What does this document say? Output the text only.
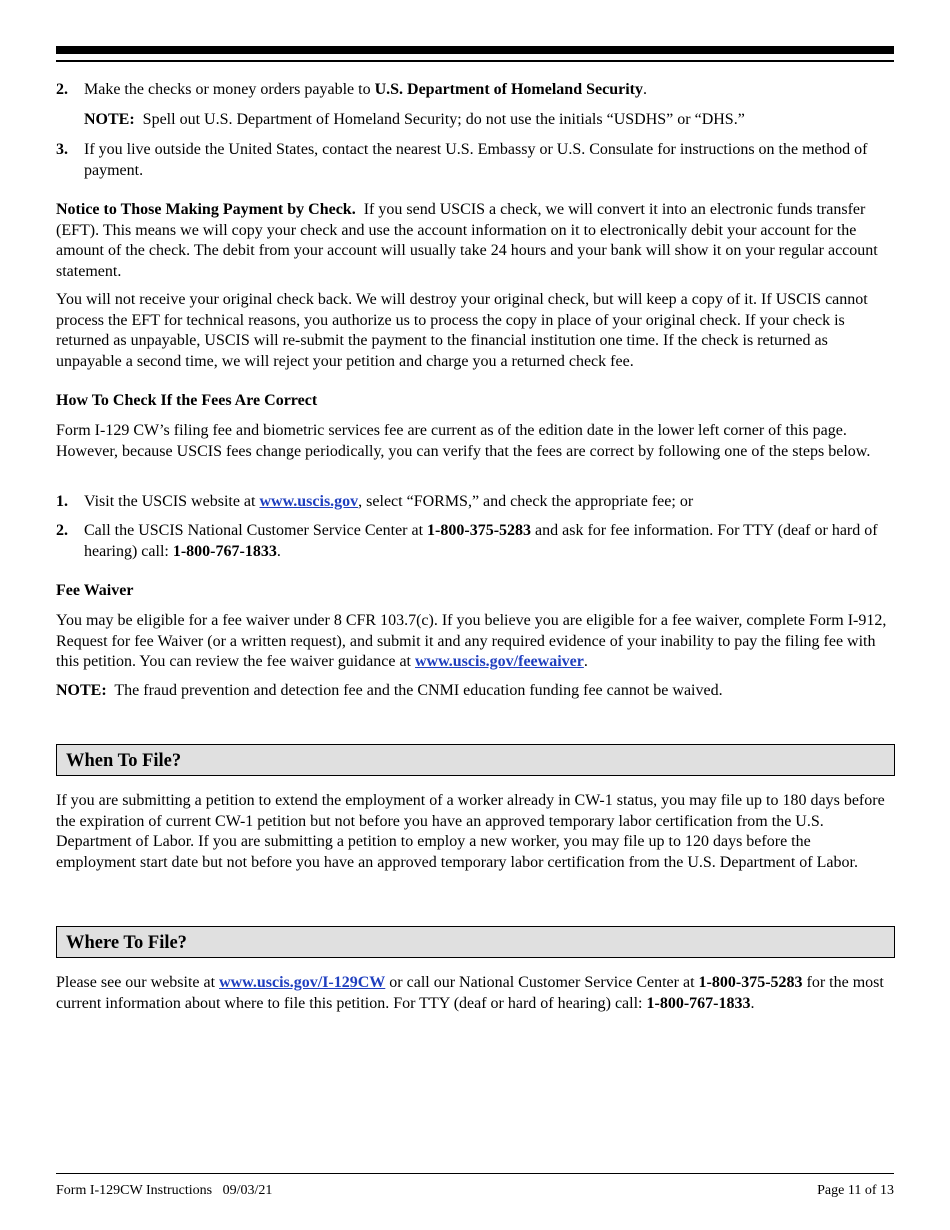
2. Make the checks or money orders payable to U.S. Department of Homeland Security.
NOTE: Spell out U.S. Department of Homeland Security; do not use the initials “USDHS” or “DHS.”
3. If you live outside the United States, contact the nearest U.S. Embassy or U.S. Consulate for instructions on the method of payment.
Notice to Those Making Payment by Check. If you send USCIS a check, we will convert it into an electronic funds transfer (EFT). This means we will copy your check and use the account information on it to electronically debit your account for the amount of the check. The debit from your account will usually take 24 hours and your bank will show it on your regular account statement.
You will not receive your original check back. We will destroy your original check, but will keep a copy of it. If USCIS cannot process the EFT for technical reasons, you authorize us to process the copy in place of your original check. If your check is returned as unpayable, USCIS will re-submit the payment to the financial institution one time. If the check is returned as unpayable a second time, we will reject your petition and charge you a returned check fee.
How To Check If the Fees Are Correct
Form I-129 CW’s filing fee and biometric services fee are current as of the edition date in the lower left corner of this page. However, because USCIS fees change periodically, you can verify that the fees are correct by following one of the steps below.
1. Visit the USCIS website at www.uscis.gov, select “FORMS,” and check the appropriate fee; or
2. Call the USCIS National Customer Service Center at 1-800-375-5283 and ask for fee information. For TTY (deaf or hard of hearing) call: 1-800-767-1833.
Fee Waiver
You may be eligible for a fee waiver under 8 CFR 103.7(c). If you believe you are eligible for a fee waiver, complete Form I-912, Request for fee Waiver (or a written request), and submit it and any required evidence of your inability to pay the filing fee with this petition. You can review the fee waiver guidance at www.uscis.gov/feewaiver.
NOTE: The fraud prevention and detection fee and the CNMI education funding fee cannot be waived.
When To File?
If you are submitting a petition to extend the employment of a worker already in CW-1 status, you may file up to 180 days before the expiration of current CW-1 petition but not before you have an approved temporary labor certification from the U.S. Department of Labor. If you are submitting a petition to employ a new worker, you may file up to 120 days before the employment start date but not before you have an approved temporary labor certification from the U.S. Department of Labor.
Where To File?
Please see our website at www.uscis.gov/I-129CW or call our National Customer Service Center at 1-800-375-5283 for the most current information about where to file this petition. For TTY (deaf or hard of hearing) call: 1-800-767-1833.
Form I-129CW Instructions   09/03/21	Page 11 of 13
